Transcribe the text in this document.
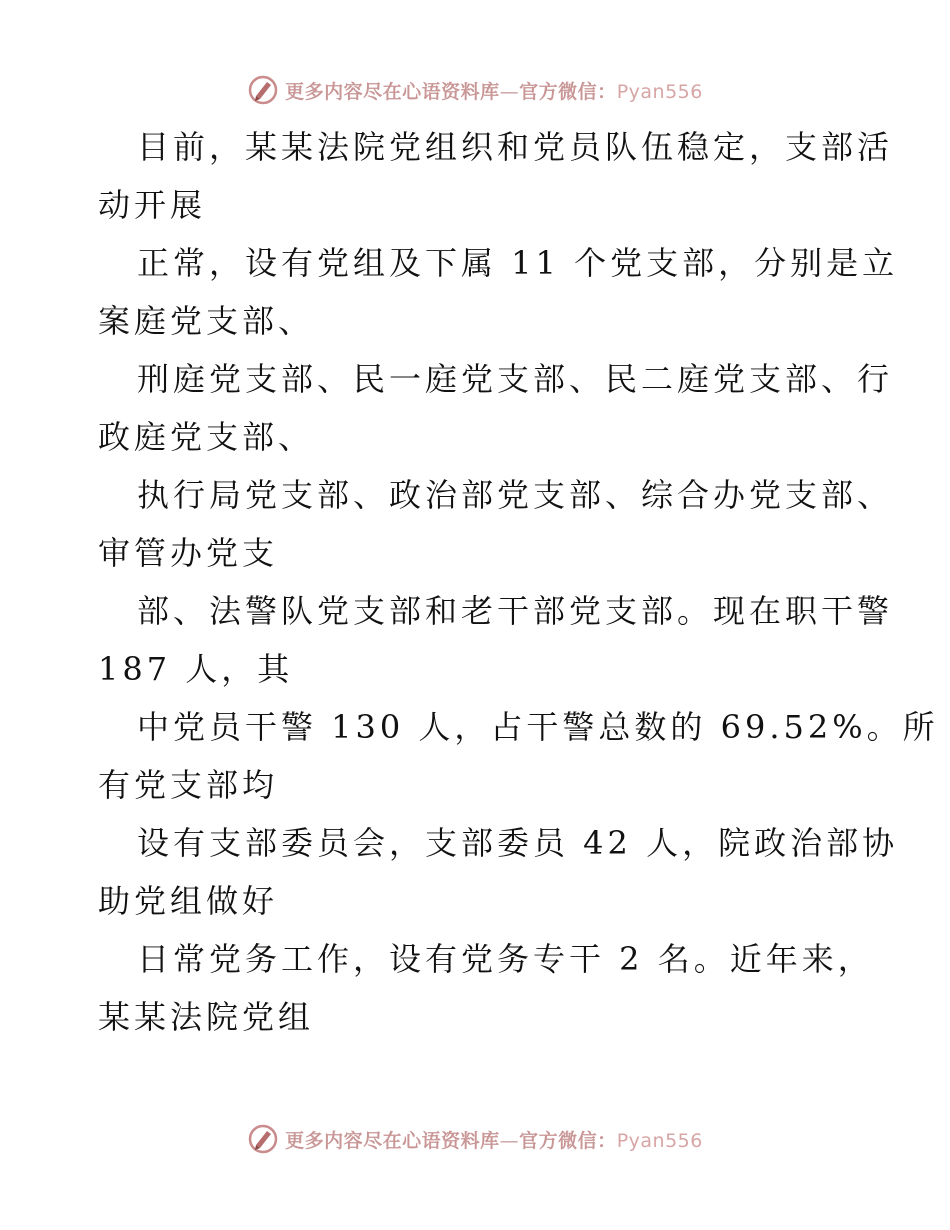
更多内容尽在心语资料库—官方微信：Pyan556
目前，某某法院党组织和党员队伍稳定，支部活
动开展
正常，设有党组及下属 11 个党支部，分别是立
案庭党支部、
刑庭党支部、民一庭党支部、民二庭党支部、行
政庭党支部、
执行局党支部、政治部党支部、综合办党支部、
审管办党支
部、法警队党支部和老干部党支部。现在职干警
187 人，其
中党员干警 130 人，占干警总数的 69.52%。所
有党支部均
设有支部委员会，支部委员 42 人，院政治部协
助党组做好
日常党务工作，设有党务专干 2 名。近年来，
某某法院党组
更多内容尽在心语资料库—官方微信：Pyan556
